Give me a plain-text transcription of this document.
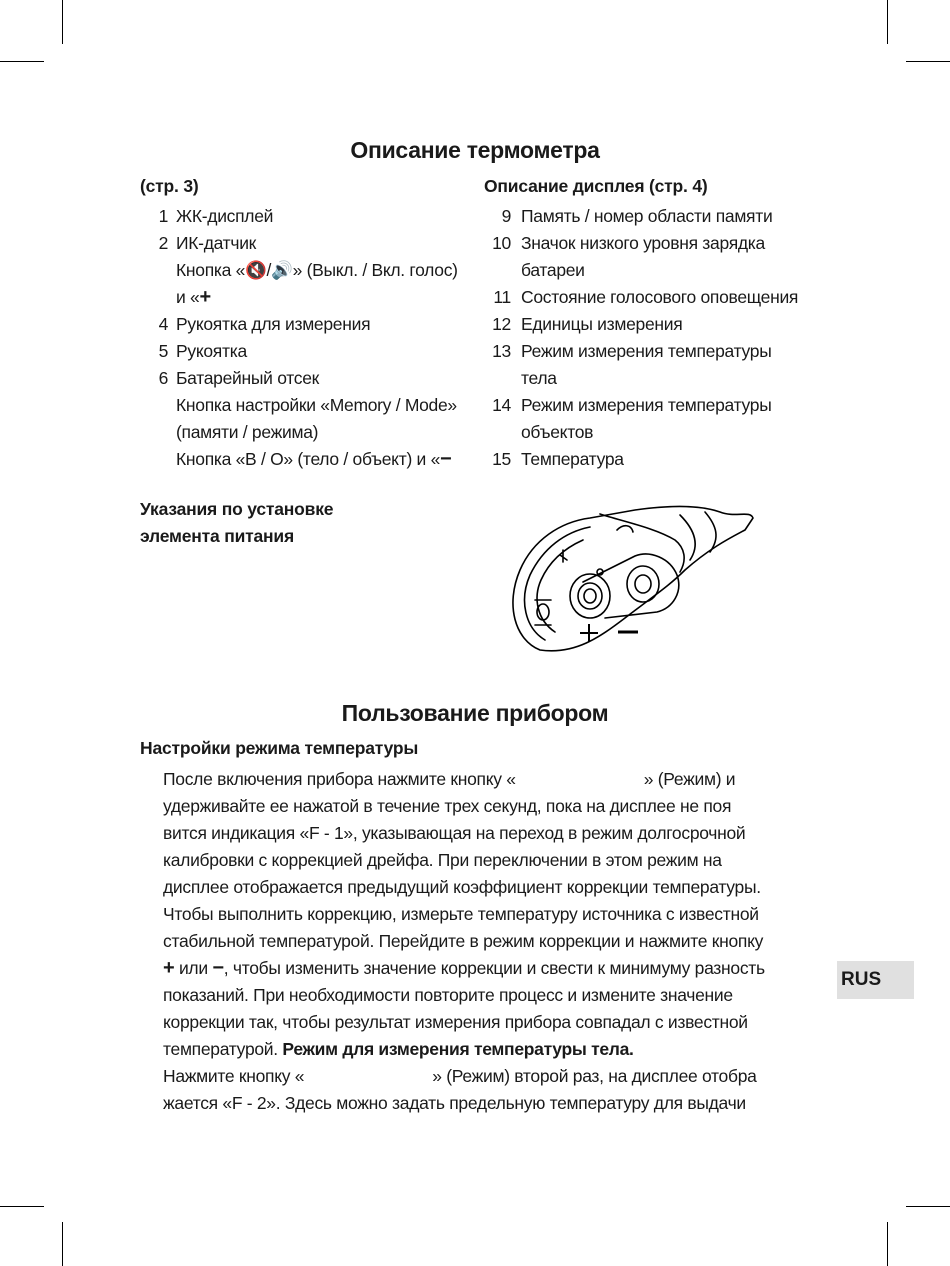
Описание термометра
(стр. 3)
1 ЖК-дисплей
2 ИК-датчик
Кнопка «🔇/🔊» (Выкл. / Вкл. голос)
и « +
4 Рукоятка для измерения
5 Рукоятка
6 Батарейный отсек
Кнопка настройки «Memory / Mode»
(памяти / режима)
Кнопка «B / O» (тело / объект) и « −
Описание дисплея (стр. 4)
9 Память / номер области памяти
10 Значок низкого уровня зарядка
батареи
11 Состояние голосового оповещения
12 Единицы измерения
13 Режим измерения температуры
тела
14 Режим измерения температуры
объектов
15 Температура
Указания по установке
элемента питания
Пользование прибором
Настройки режима температуры
После включения прибора нажмите кнопку «	» (Режим) и
удерживайте ее нажатой в течение трех секунд, пока на дисплее не поя
вится индикация «F - 1», указывающая на переход в режим долгосрочной
калибровки с коррекцией дрейфа. При переключении в этом режим на
дисплее отображается предыдущий коэффициент коррекции температуры.
Чтобы выполнить коррекцию, измерьте температуру источника с известной
стабильной температурой. Перейдите в режим коррекции и нажмите кнопку
+ или −, чтобы изменить значение коррекции и свести к минимуму разность
показаний. При необходимости повторите процесс и измените значение
коррекции так, чтобы результат измерения прибора совпадал с известной
температурой. Режим для измерения температуры тела.
Нажмите кнопку «	» (Режим) второй раз, на дисплее отобра
жается «F - 2». Здесь можно задать предельную температуру для выдачи
RUS
